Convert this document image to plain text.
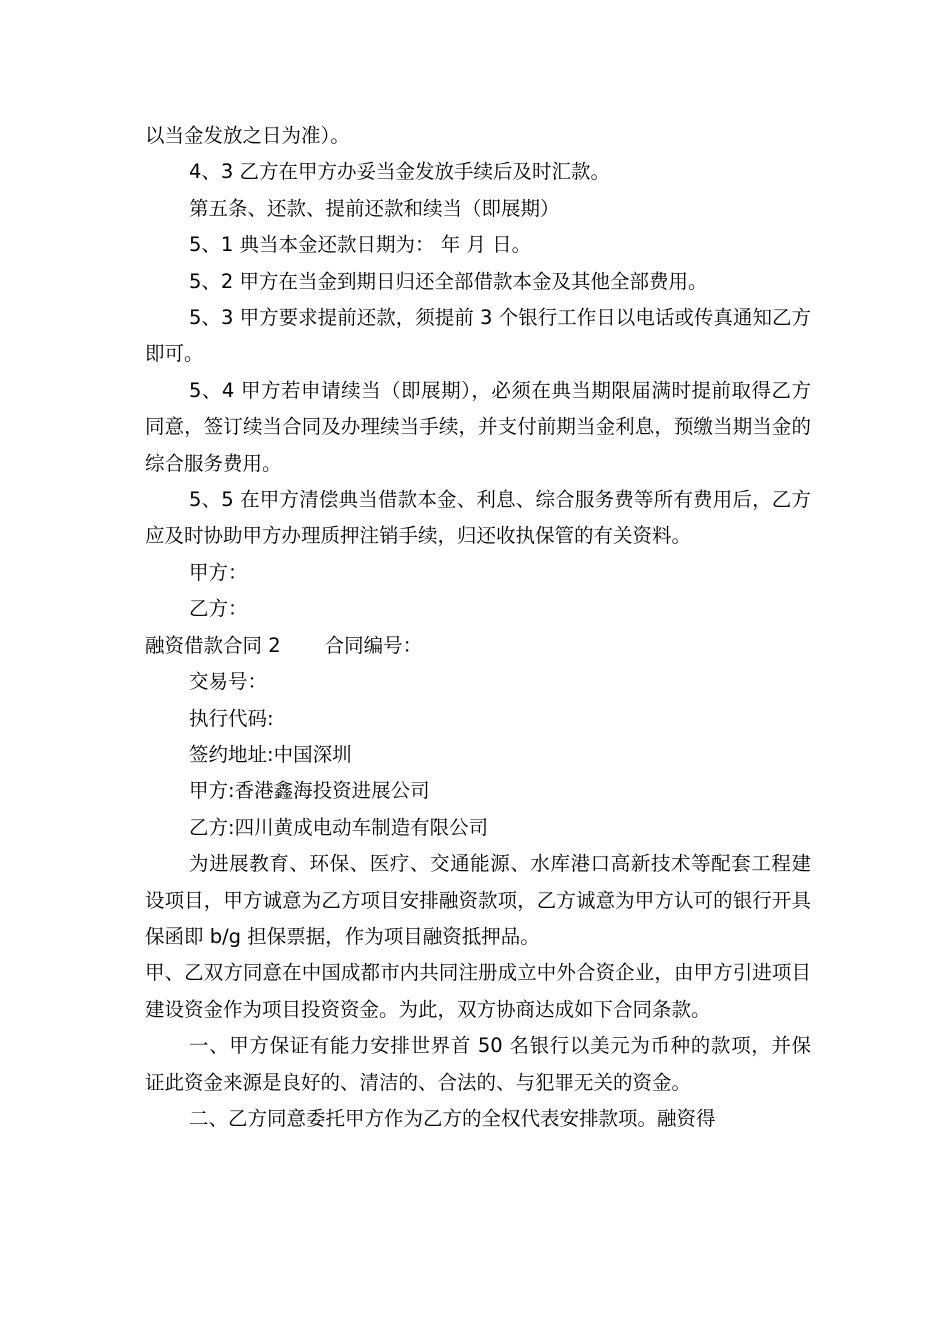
以当金发放之日为准）。

4、3 乙方在甲方办妥当金发放手续后及时汇款。

第五条、还款、提前还款和续当（即展期）

5、1 典当本金还款日期为： 年 月 日。

5、2 甲方在当金到期日归还全部借款本金及其他全部费用。

5、3 甲方要求提前还款，须提前 3 个银行工作日以电话或传真通知乙方即可。

5、4 甲方若申请续当（即展期），必须在典当期限届满时提前取得乙方同意，签订续当合同及办理续当手续，并支付前期当金利息，预缴当期当金的综合服务费用。

5、5 在甲方清偿典当借款本金、利息、综合服务费等所有费用后，乙方应及时协助甲方办理质押注销手续，归还收执保管的有关资料。

甲方：

乙方：

融资借款合同 2 合同编号：

交易号：

执行代码:

签约地址:中国深圳

甲方:香港鑫海投资进展公司

乙方:四川黄成电动车制造有限公司

为进展教育、环保、医疗、交通能源、水库港口高新技术等配套工程建设项目，甲方诚意为乙方项目安排融资款项，乙方诚意为甲方认可的银行开具保函即 b/g 担保票据，作为项目融资抵押品。

甲、乙双方同意在中国成都市内共同注册成立中外合资企业，由甲方引进项目建设资金作为项目投资资金。为此，双方协商达成如下合同条款。

一、甲方保证有能力安排世界首 50 名银行以美元为币种的款项，并保证此资金来源是良好的、清洁的、合法的、与犯罪无关的资金。

二、乙方同意委托甲方作为乙方的全权代表安排款项。融资得
